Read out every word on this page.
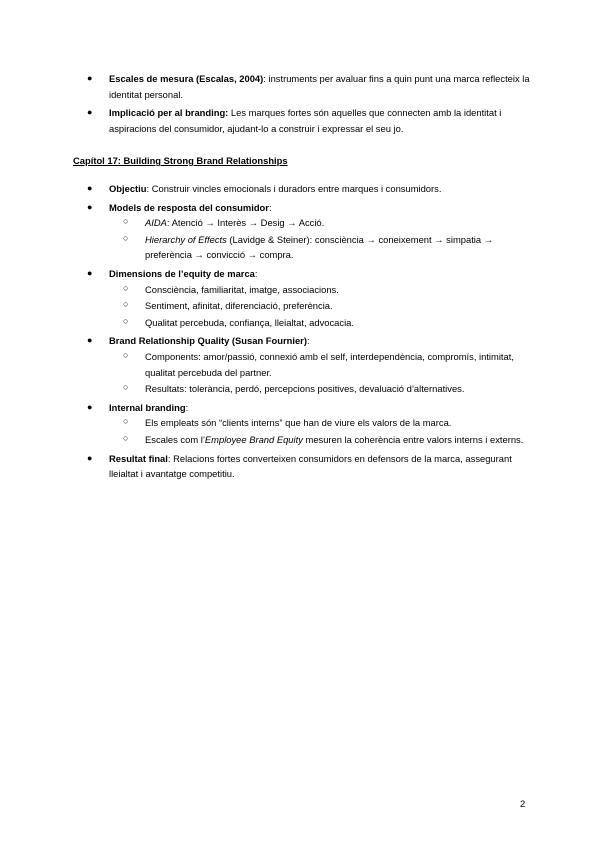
● Escales de mesura (Escalas, 2004): instruments per avaluar fins a quin punt una marca reflecteix la identitat personal.
● Implicació per al branding: Les marques fortes són aquelles que connecten amb la identitat i aspiracions del consumidor, ajudant-lo a construir i expressar el seu jo.
Capítol 17: Building Strong Brand Relationships
● Objectiu: Construir vincles emocionals i duradors entre marques i consumidors.
● Models de resposta del consumidor:
○ AIDA: Atenció → Interès → Desig → Acció.
○ Hierarchy of Effects (Lavidge & Steiner): consciència → coneixement → simpatia → preferència → convicció → compra.
● Dimensions de l’equity de marca:
○ Consciència, familiaritat, imatge, associacions.
○ Sentiment, afinitat, diferenciació, preferència.
○ Qualitat percebuda, confiança, lleialtat, advocacia.
● Brand Relationship Quality (Susan Fournier):
○ Components: amor/passió, connexió amb el self, interdependència, compromís, intimitat, qualitat percebuda del partner.
○ Resultats: tolerància, perdó, percepcions positives, devaluació d’alternatives.
● Internal branding:
○ Els empleats són “clients interns” que han de viure els valors de la marca.
○ Escales com l’Employee Brand Equity mesuren la coherència entre valors interns i externs.
● Resultat final: Relacions fortes converteixen consumidors en defensors de la marca, assegurant lleialtat i avantatge competitiu.
2
